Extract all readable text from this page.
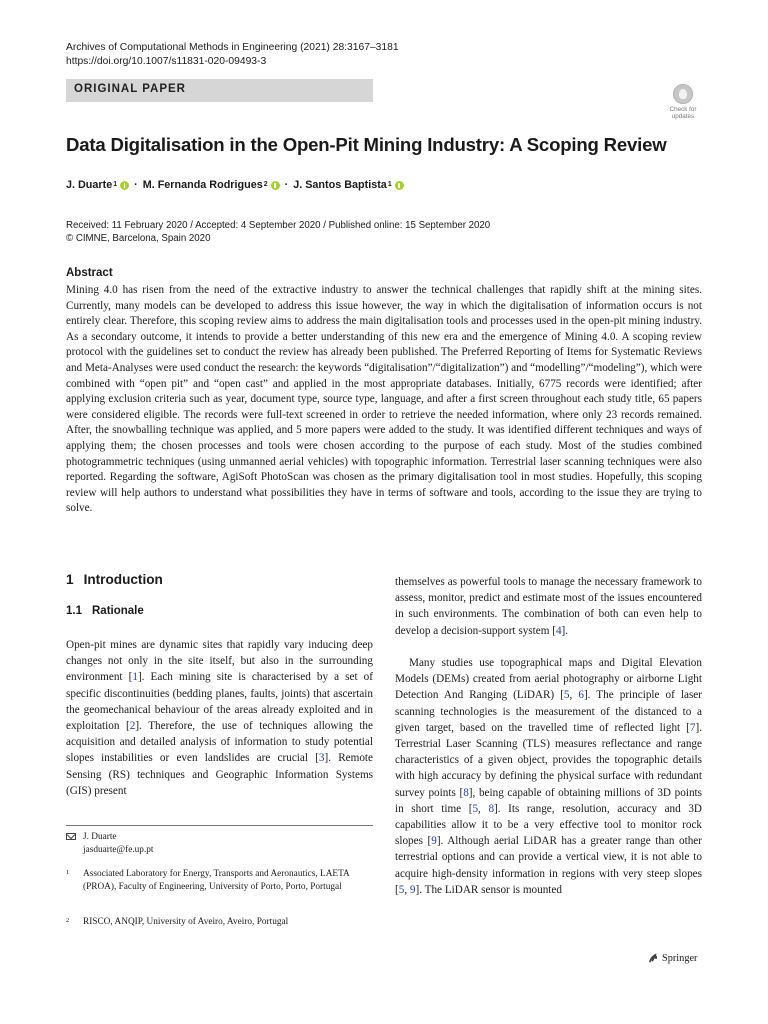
Archives of Computational Methods in Engineering (2021) 28:3167–3181
https://doi.org/10.1007/s11831-020-09493-3
ORIGINAL PAPER
Check for
updates
Data Digitalisation in the Open-Pit Mining Industry: A Scoping Review
J. Duarte 1 · M. Fernanda Rodrigues 2 · J. Santos Baptista 1
Received: 11 February 2020 / Accepted: 4 September 2020 / Published online: 15 September 2020
© CIMNE, Barcelona, Spain 2020
Abstract

Mining 4.0 has risen from the need of the extractive industry to answer the technical challenges that rapidly shift at the mining sites. Currently, many models can be developed to address this issue however, the way in which the digitalisation of information occurs is not entirely clear. Therefore, this scoping review aims to address the main digitalisation tools and processes used in the open-pit mining industry. As a secondary outcome, it intends to provide a better understanding of this new era and the emergence of Mining 4.0. A scoping review protocol with the guidelines set to conduct the review has already been published. The Preferred Reporting of Items for Systematic Reviews and Meta-Analyses were used conduct the research: the keywords “digitalisation”/“digitalization”) and “modelling”/“modeling”), which were combined with “open pit” and “open cast” and applied in the most appropriate databases. Initially, 6775 records were identified; after applying exclusion criteria such as year, document type, source type, language, and after a first screen throughout each study title, 65 papers were considered eligible. The records were full-text screened in order to retrieve the needed information, where only 23 records remained. After, the snowballing technique was applied, and 5 more papers were added to the study. It was identified different techniques and ways of applying them; the chosen processes and tools were chosen according to the purpose of each study. Most of the studies combined photogrammetric techniques (using unmanned aerial vehicles) with topographic information. Terrestrial laser scanning techniques were also reported. Regarding the software, AgiSoft PhotoScan was chosen as the primary digitalisation tool in most studies. Hopefully, this scoping review will help authors to understand what possibilities they have in terms of software and tools, according to the issue they are trying to solve.

1 Introduction
1.1 Rationale

Open-pit mines are dynamic sites that rapidly vary inducing deep changes not only in the site itself, but also in the surrounding environment [1]. Each mining site is characterised by a set of specific discontinuities (bedding planes, faults, joints) that ascertain the geomechanical behaviour of the areas already exploited and in exploitation [2]. Therefore, the use of techniques allowing the acquisition and detailed analysis of information to study potential slopes instabilities or even landslides are crucial [3]. Remote Sensing (RS) techniques and Geographic Information Systems (GIS) present

themselves as powerful tools to manage the necessary framework to assess, monitor, predict and estimate most of the issues encountered in such environments. The combination of both can even help to develop a decision-support system [4].

Many studies use topographical maps and Digital Elevation Models (DEMs) created from aerial photography or airborne Light Detection And Ranging (LiDAR) [5, 6]. The principle of laser scanning technologies is the measurement of the distanced to a given target, based on the travelled time of reflected light [7]. Terrestrial Laser Scanning (TLS) measures reflectance and range characteristics of a given object, provides the topographic details with high accuracy by defining the physical surface with redundant survey points [8], being capable of obtaining millions of 3D points in short time [5, 8]. Its range, resolution, accuracy and 3D capabilities allow it to be a very effective tool to monitor rock slopes [9]. Although aerial LiDAR has a greater range than other terrestrial options and can provide a vertical view, it is not able to acquire high-density information in regions with very steep slopes [5, 9]. The LiDAR sensor is mounted

J. Duarte
jasduarte@fe.up.pt
1 Associated Laboratory for Energy, Transports and Aeronautics, LAETA (PROA), Faculty of Engineering, University of Porto, Porto, Portugal
2 RISCO, ANQIP, University of Aveiro, Aveiro, Portugal
Springer
